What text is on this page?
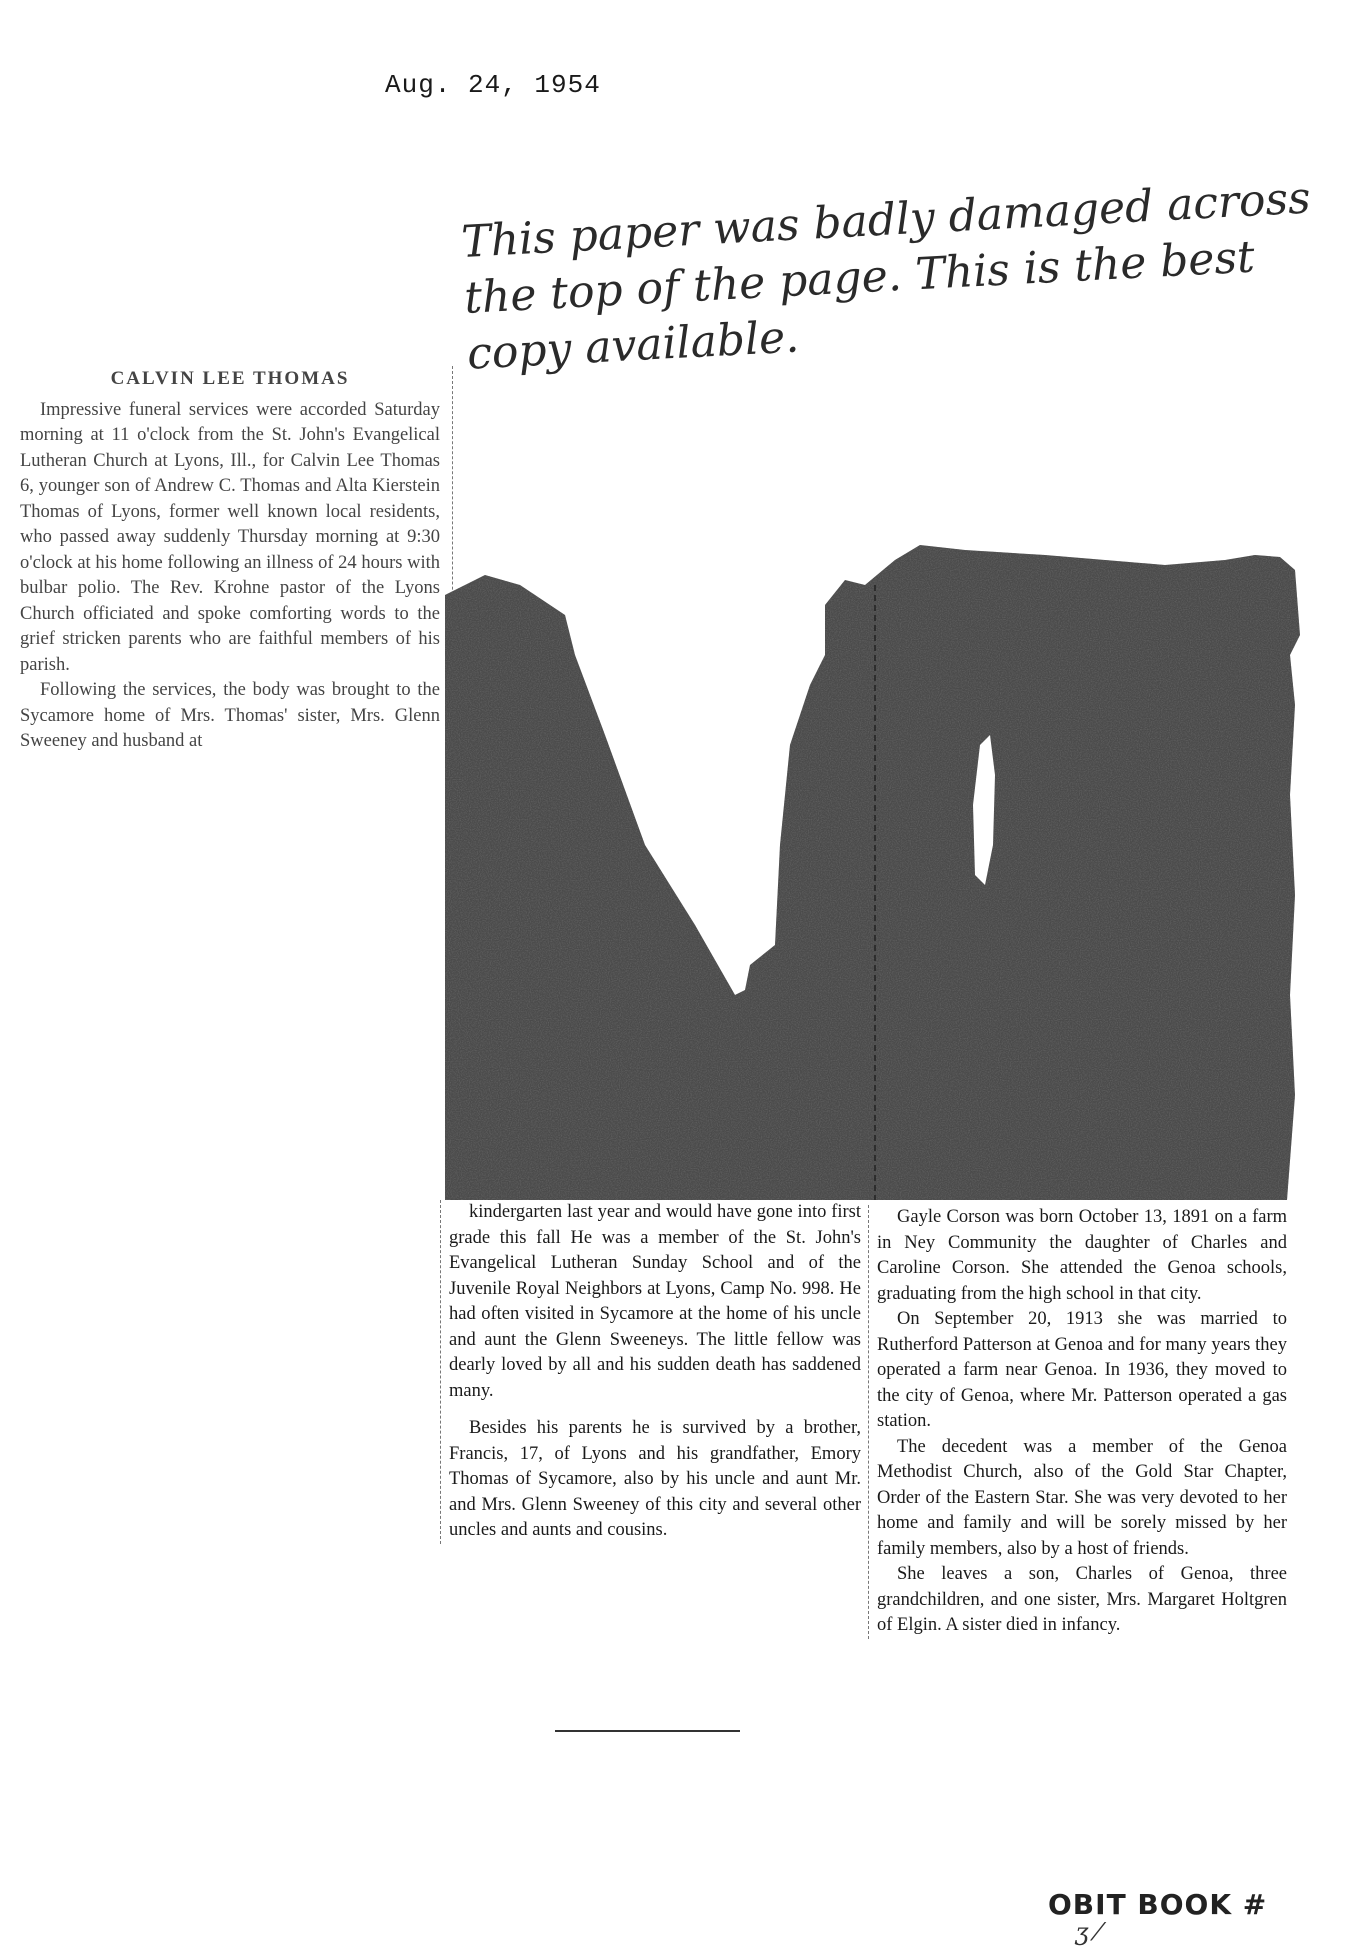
Aug. 24, 1954
This paper was badly damaged across the top of the page. This is the best copy available.

CALVIN LEE THOMAS

Impressive funeral services were accorded Saturday morning at 11 o'clock from the St. John's Evangelical Lutheran Church at Lyons, Ill., for Calvin Lee Thomas 6, younger son of Andrew C. Thomas and Alta Kierstein Thomas of Lyons, former well known local residents, who passed away suddenly Thursday morning at 9:30 o'clock at his home following an illness of 24 hours with bulbar polio. The Rev. Krohne pastor of the Lyons Church officiated and spoke comforting words to the grief stricken parents who are faithful members of his parish.

Following the services, the body was brought to the Sycamore home of Mrs. Thomas' sister, Mrs. Glenn Sweeney and husband at

kindergarten last year and would have gone into first grade this fall He was a member of the St. John's Evangelical Lutheran Sunday School and of the Juvenile Royal Neighbors at Lyons, Camp No. 998. He had often visited in Sycamore at the home of his uncle and aunt the Glenn Sweeneys. The little fellow was dearly loved by all and his sudden death has saddened many.

Besides his parents he is survived by a brother, Francis, 17, of Lyons and his grandfather, Emory Thomas of Sycamore, also by his uncle and aunt Mr. and Mrs. Glenn Sweeney of this city and several other uncles and aunts and cousins.

Gayle Corson was born October 13, 1891 on a farm in Ney Community the daughter of Charles and Caroline Corson. She attended the Genoa schools, graduating from the high school in that city.

On September 20, 1913 she was married to Rutherford Patterson at Genoa and for many years they operated a farm near Genoa. In 1936, they moved to the city of Genoa, where Mr. Patterson operated a gas station.

The decedent was a member of the Genoa Methodist Church, also of the Gold Star Chapter, Order of the Eastern Star. She was very devoted to her home and family and will be sorely missed by her family members, also by a host of friends.

She leaves a son, Charles of Genoa, three grandchildren, and one sister, Mrs. Margaret Holtgren of Elgin. A sister died in infancy.

OBIT BOOK #
ʒ ⁄
